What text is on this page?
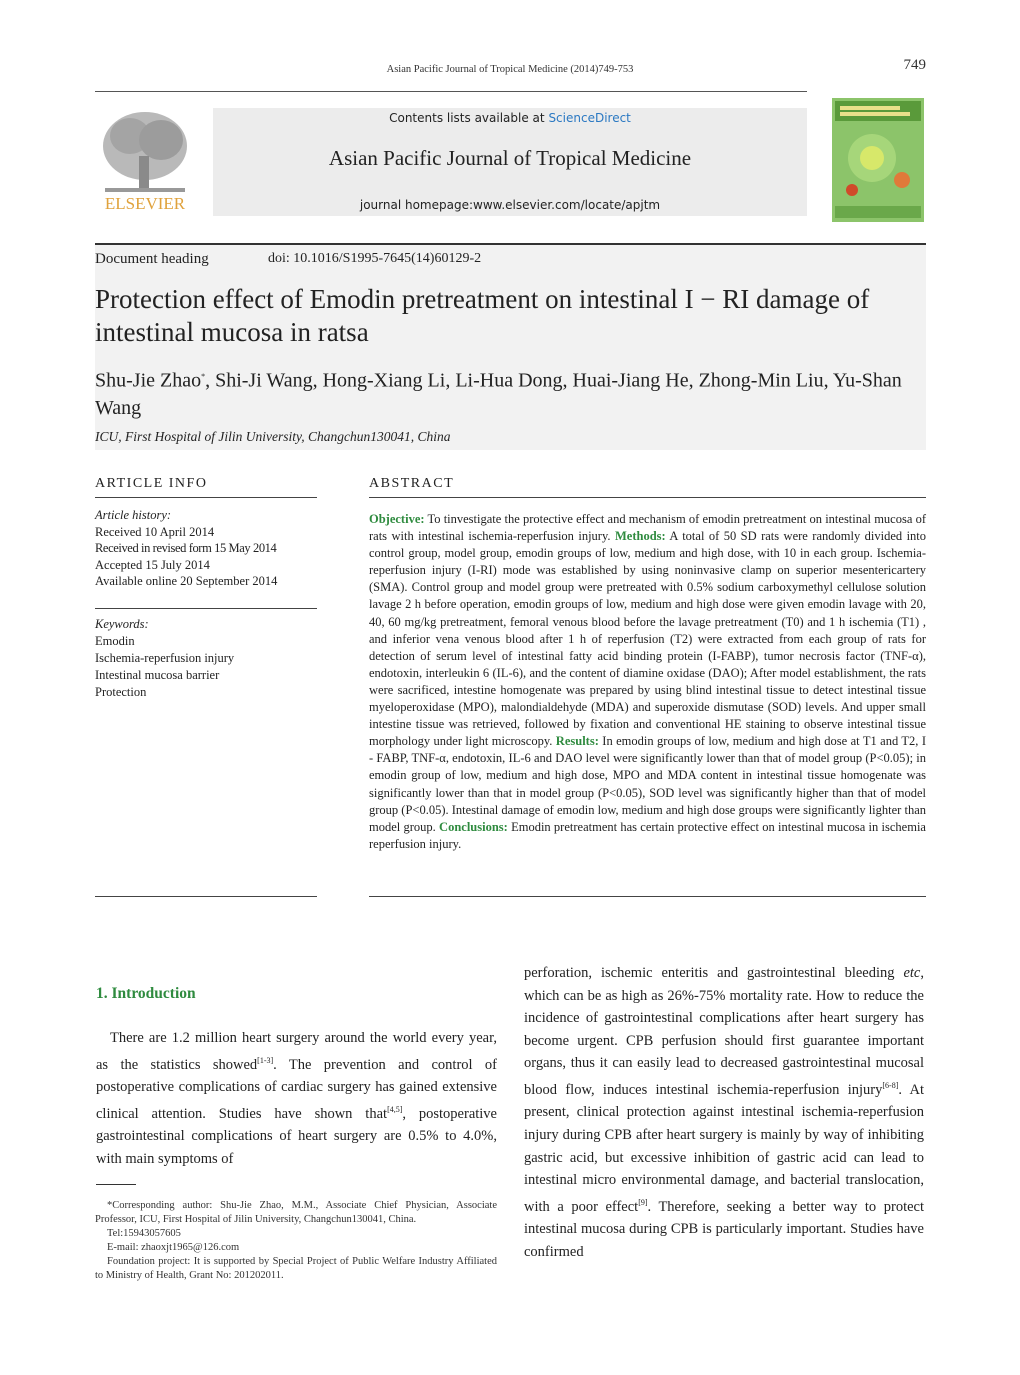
Asian Pacific Journal of Tropical Medicine (2014)749-753	749
ELSEVIER
Contents lists available at ScienceDirect
Asian Pacific Journal of Tropical Medicine
journal homepage:www.elsevier.com/locate/apjtm
Document heading	doi: 10.1016/S1995-7645(14)60129-2
Protection effect of Emodin pretreatment on intestinal I − RI damage of intestinal mucosa in ratsa
Shu-Jie Zhao*, Shi-Ji Wang, Hong-Xiang Li, Li-Hua Dong, Huai-Jiang He, Zhong-Min Liu, Yu-Shan Wang
ICU, First Hospital of Jilin University, Changchun130041, China
ARTICLE INFO
Article history:
Received 10 April 2014
Received in revised form 15 May 2014
Accepted 15 July 2014
Available online 20 September 2014
Keywords:
Emodin
Ischemia-reperfusion injury
Intestinal mucosa barrier
Protection
ABSTRACT
Objective: To tinvestigate the protective effect and mechanism of emodin pretreatment on intestinal mucosa of rats with intestinal ischemia-reperfusion injury. Methods: A total of 50 SD rats were randomly divided into control group, model group, emodin groups of low, medium and high dose, with 10 in each group. Ischemia-reperfusion injury (I-RI) mode was established by using noninvasive clamp on superior mesentericartery (SMA). Control group and model group were pretreated with 0.5% sodium carboxymethyl cellulose solution lavage 2 h before operation, emodin groups of low, medium and high dose were given emodin lavage with 20, 40, 60 mg/kg pretreatment, femoral venous blood before the lavage pretreatment (T0) and 1 h ischemia (T1) , and inferior vena venous blood after 1 h of reperfusion (T2) were extracted from each group of rats for detection of serum level of intestinal fatty acid binding protein (I-FABP), tumor necrosis factor (TNF-α), endotoxin, interleukin 6 (IL-6), and the content of diamine oxidase (DAO); After model establishment, the rats were sacrificed, intestine homogenate was prepared by using blind intestinal tissue to detect intestinal tissue myeloperoxidase (MPO), malondialdehyde (MDA) and superoxide dismutase (SOD) levels. And upper small intestine tissue was retrieved, followed by fixation and conventional HE staining to observe intestinal tissue morphology under light microscopy. Results: In emodin groups of low, medium and high dose at T1 and T2, I - FABP, TNF-α, endotoxin, IL-6 and DAO level were significantly lower than that of model group (P<0.05); in emodin group of low, medium and high dose, MPO and MDA content in intestinal tissue homogenate was significantly lower than that in model group (P<0.05), SOD level was significantly higher than that of model group (P<0.05). Intestinal damage of emodin low, medium and high dose groups were significantly lighter than model group. Conclusions: Emodin pretreatment has certain protective effect on intestinal mucosa in ischemia reperfusion injury.
1. Introduction
There are 1.2 million heart surgery around the world every year, as the statistics showed[1-3]. The prevention and control of postoperative complications of cardiac surgery has gained extensive clinical attention. Studies have shown that[4,5], postoperative gastrointestinal complications of heart surgery are 0.5% to 4.0%, with main symptoms of
*Corresponding author: Shu-Jie Zhao, M.M., Associate Chief Physician, Associate Professor, ICU, First Hospital of Jilin University, Changchun130041, China.
Tel:15943057605
E-mail: zhaoxjt1965@126.com
Foundation project: It is supported by Special Project of Public Welfare Industry Affiliated to Ministry of Health, Grant No: 201202011.
perforation, ischemic enteritis and gastrointestinal bleeding etc, which can be as high as 26%-75% mortality rate. How to reduce the incidence of gastrointestinal complications after heart surgery has become urgent. CPB perfusion should first guarantee important organs, thus it can easily lead to decreased gastrointestinal mucosal blood flow, induces intestinal ischemia-reperfusion injury[6-8]. At present, clinical protection against intestinal ischemia-reperfusion injury during CPB after heart surgery is mainly by way of inhibiting gastric acid, but excessive inhibition of gastric acid can lead to intestinal micro environmental damage, and bacterial translocation, with a poor effect[9]. Therefore, seeking a better way to protect intestinal mucosa during CPB is particularly important. Studies have confirmed
